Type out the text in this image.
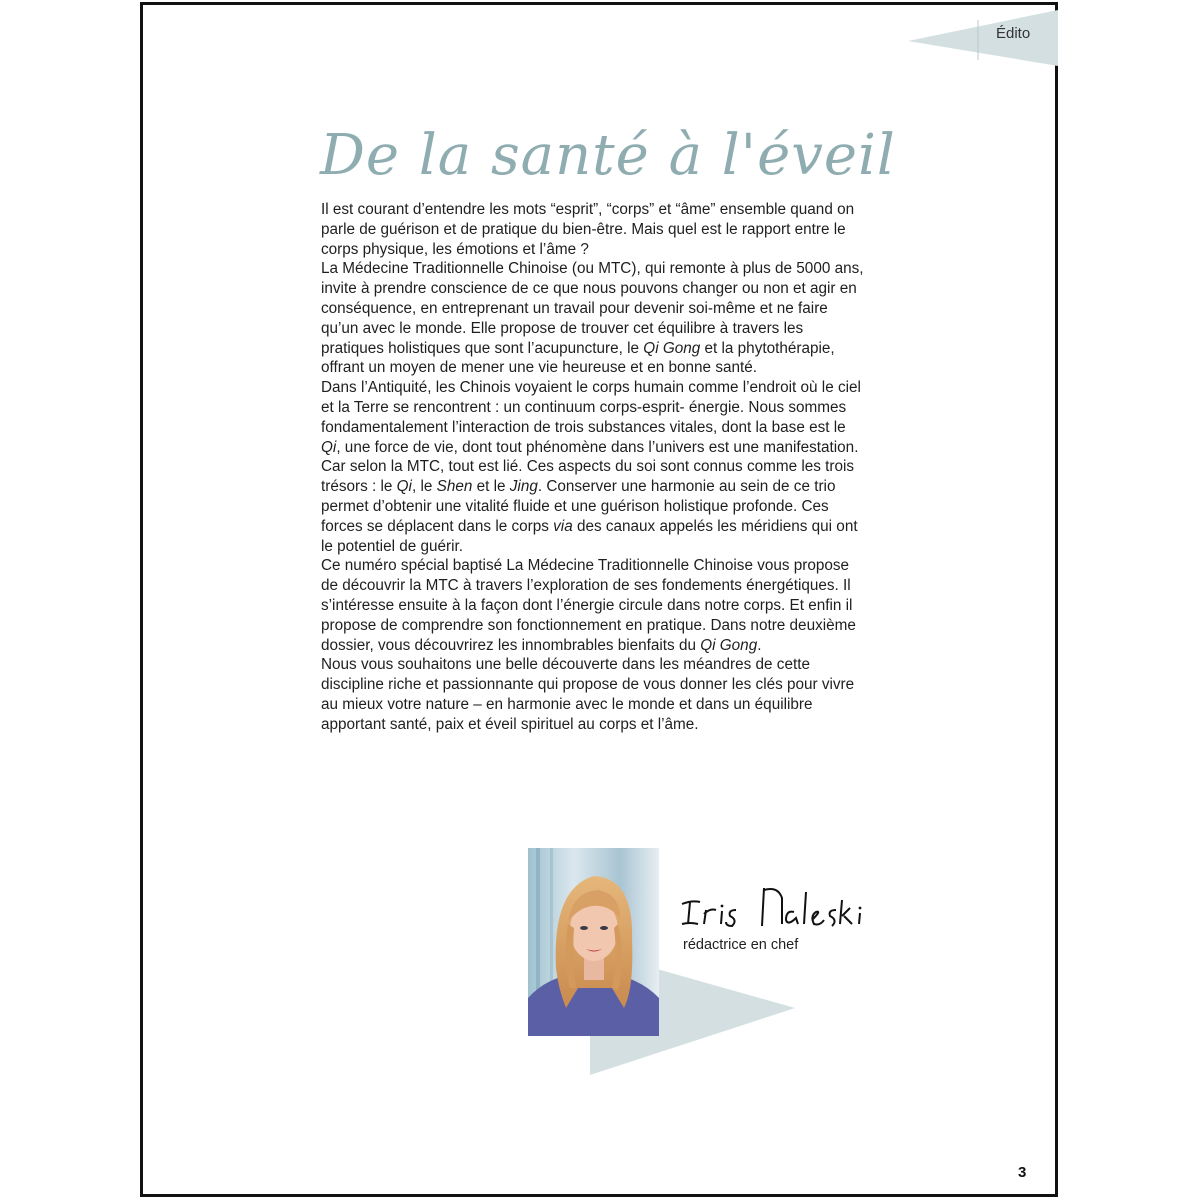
Édito
De la santé à l'éveil

Il est courant d’entendre les mots “esprit”, “corps” et “âme” ensemble quand on parle de guérison et de pratique du bien-être. Mais quel est le rapport entre le corps physique, les émotions et l’âme ?

La Médecine Traditionnelle Chinoise (ou MTC), qui remonte à plus de 5000 ans, invite à prendre conscience de ce que nous pouvons changer ou non et agir en conséquence, en entreprenant un travail pour devenir soi-même et ne faire qu’un avec le monde. Elle propose de trouver cet équilibre à travers les pratiques holistiques que sont l’acupuncture, le Qi Gong et la phytothérapie, offrant un moyen de mener une vie heureuse et en bonne santé.

Dans l’Antiquité, les Chinois voyaient le corps humain comme l’endroit où le ciel et la Terre se rencontrent : un continuum corps-esprit- énergie. Nous sommes fondamentalement l’interaction de trois substances vitales, dont la base est le Qi, une force de vie, dont tout phénomène dans l’univers est une manifestation. Car selon la MTC, tout est lié. Ces aspects du soi sont connus comme les trois trésors : le Qi, le Shen et le Jing. Conserver une harmonie au sein de ce trio permet d’obtenir une vitalité fluide et une guérison holistique profonde. Ces forces se déplacent dans le corps via des canaux appelés les méridiens qui ont le potentiel de guérir.

Ce numéro spécial baptisé La Médecine Traditionnelle Chinoise vous propose de découvrir la MTC à travers l’exploration de ses fondements énergétiques. Il s’intéresse ensuite à la façon dont l’énergie circule dans notre corps. Et enfin il propose de comprendre son fonctionnement en pratique. Dans notre deuxième dossier, vous découvrirez les innombrables bienfaits du Qi Gong.

Nous vous souhaitons une belle découverte dans les méandres de cette discipline riche et passionnante qui propose de vous donner les clés pour vivre au mieux votre nature – en harmonie avec le monde et dans un équilibre apportant santé, paix et éveil spirituel au corps et l’âme.

rédactrice en chef
3
